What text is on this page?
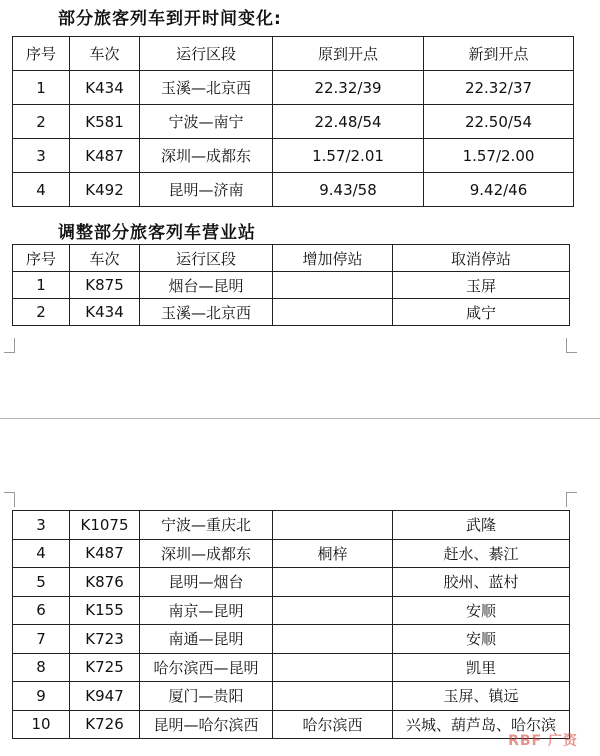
部分旅客列车到开时间变化:
序号	车次	运行区段	原到开点	新到开点
1	K434	玉溪—北京西	22.32/39	22.32/37
2	K581	宁波—南宁	22.48/54	22.50/54
3	K487	深圳—成都东	1.57/2.01	1.57/2.00
4	K492	昆明—济南	9.43/58	9.42/46
调整部分旅客列车营业站
序号	车次	运行区段	增加停站	取消停站
1	K875	烟台—昆明		玉屏
2	K434	玉溪—北京西		咸宁
3	K1075	宁波—重庆北		武隆
4	K487	深圳—成都东	桐梓	赶水、綦江
5	K876	昆明—烟台		胶州、蓝村
6	K155	南京—昆明		安顺
7	K723	南通—昆明		安顺
8	K725	哈尔滨西—昆明		凯里
9	K947	厦门—贵阳		玉屏、镇远
10	K726	昆明—哈尔滨西	哈尔滨西	兴城、葫芦岛、哈尔滨
RBF 广资
